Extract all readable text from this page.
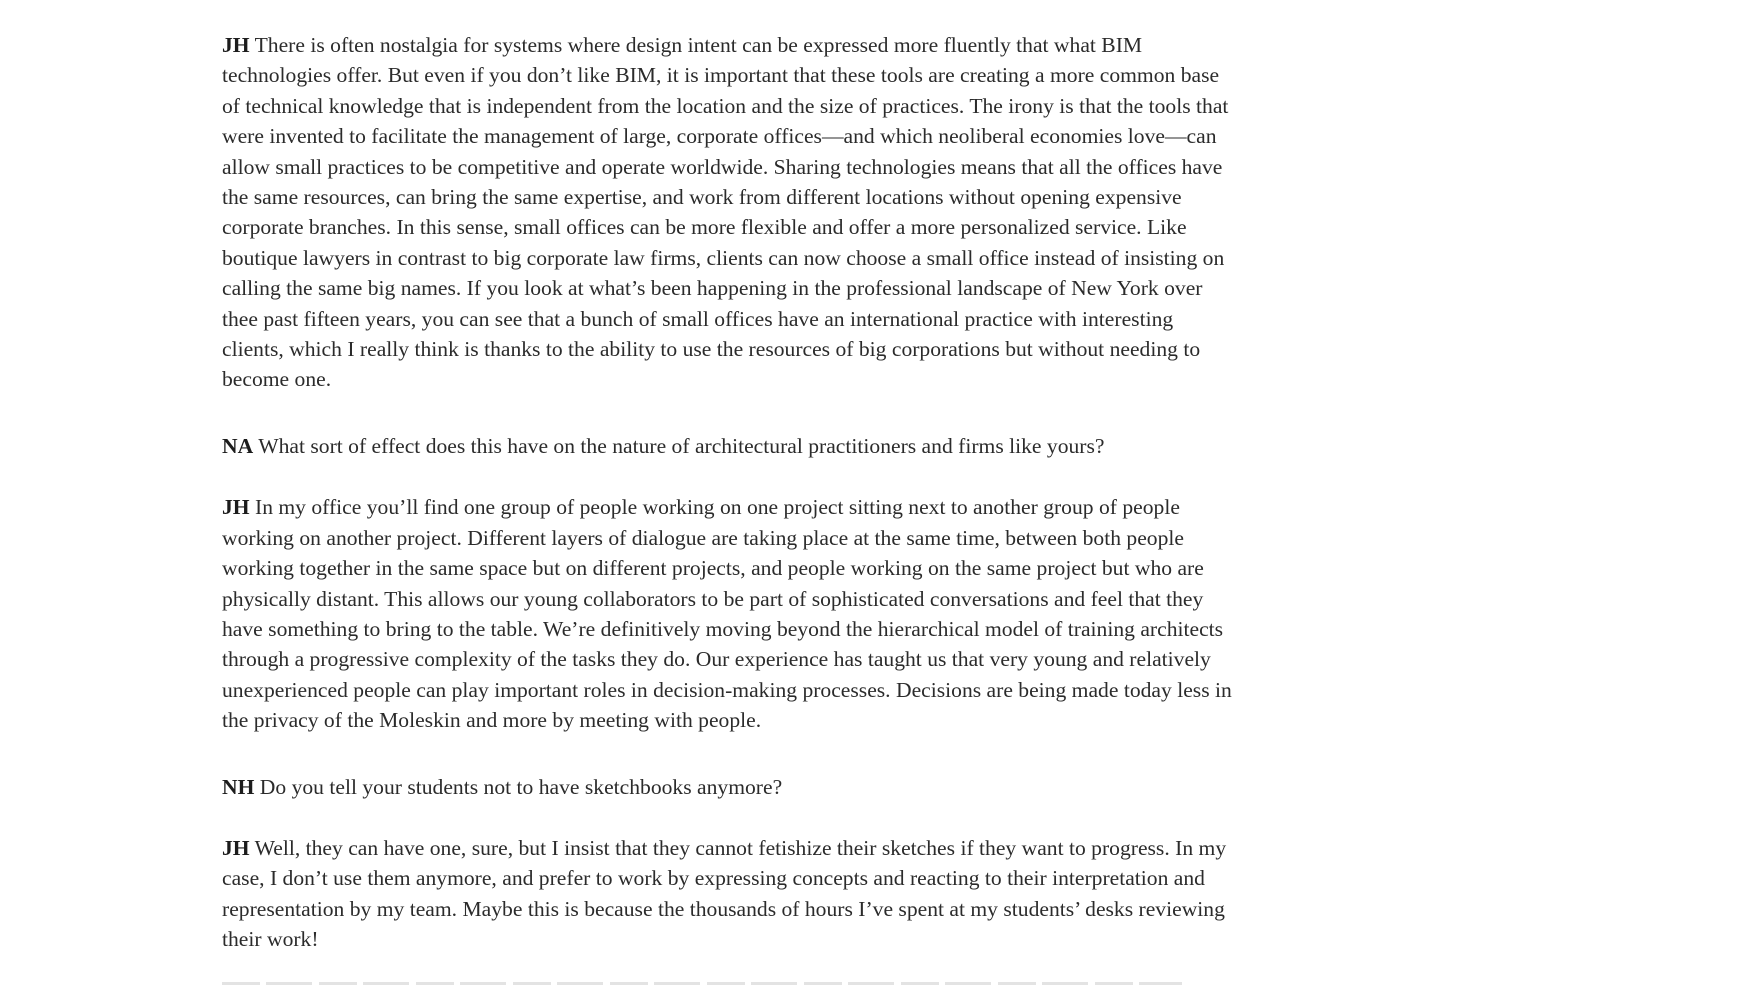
JH There is often nostalgia for systems where design intent can be expressed more fluently that what BIM technologies offer. But even if you don’t like BIM, it is important that these tools are creating a more common base of technical knowledge that is independent from the location and the size of practices. The irony is that the tools that were invented to facilitate the management of large, corporate offices—and which neoliberal economies love—can allow small practices to be competitive and operate worldwide. Sharing technologies means that all the offices have the same resources, can bring the same expertise, and work from different locations without opening expensive corporate branches. In this sense, small offices can be more flexible and offer a more personalized service. Like boutique lawyers in contrast to big corporate law firms, clients can now choose a small office instead of insisting on calling the same big names. If you look at what’s been happening in the professional landscape of New York over thee past fifteen years, you can see that a bunch of small offices have an international practice with interesting clients, which I really think is thanks to the ability to use the resources of big corporations but without needing to become one.

NA What sort of effect does this have on the nature of architectural practitioners and firms like yours?

JH In my office you’ll find one group of people working on one project sitting next to another group of people working on another project. Different layers of dialogue are taking place at the same time, between both people working together in the same space but on different projects, and people working on the same project but who are physically distant. This allows our young collaborators to be part of sophisticated conversations and feel that they have something to bring to the table. We’re definitively moving beyond the hierarchical model of training architects through a progressive complexity of the tasks they do. Our experience has taught us that very young and relatively unexperienced people can play important roles in decision-making processes. Decisions are being made today less in the privacy of the Moleskin and more by meeting with people.

NH Do you tell your students not to have sketchbooks anymore?

JH Well, they can have one, sure, but I insist that they cannot fetishize their sketches if they want to progress. In my case, I don’t use them anymore, and prefer to work by expressing concepts and reacting to their interpretation and representation by my team. Maybe this is because the thousands of hours I’ve spent at my students’ desks reviewing their work!
